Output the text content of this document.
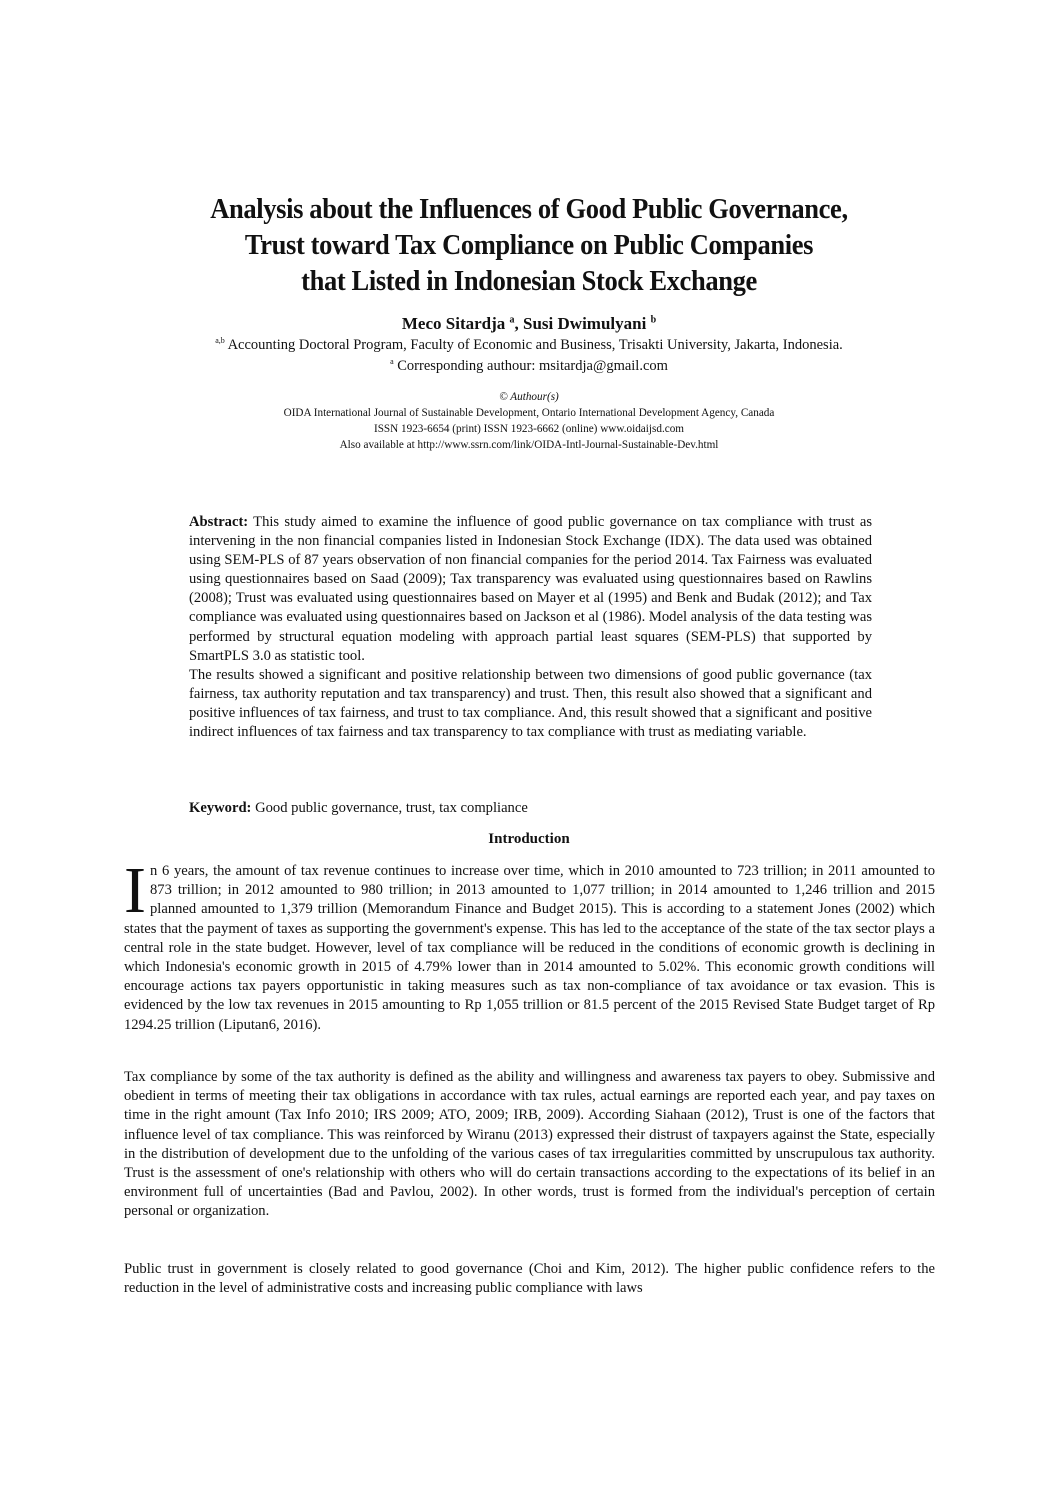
Analysis about the Influences of Good Public Governance,
Trust toward Tax Compliance on Public Companies
that Listed in Indonesian Stock Exchange
Meco Sitardja $^a$, Susi Dwimulyani $^b$
$^{a,b}$ Accounting Doctoral Program, Faculty of Economic and Business, Trisakti University, Jakarta, Indonesia.
$^a$ Corresponding authour: msitardja@gmail.com
© Authour(s)
OIDA International Journal of Sustainable Development, Ontario International Development Agency, Canada
ISSN 1923-6654 (print) ISSN 1923-6662 (online) www.oidaijsd.com
Also available at http://www.ssrn.com/link/OIDA-Intl-Journal-Sustainable-Dev.html

Abstract: This study aimed to examine the influence of good public governance on tax compliance with trust as intervening in the non financial companies listed in Indonesian Stock Exchange (IDX). The data used was obtained using SEM-PLS of 87 years observation of non financial companies for the period 2014. Tax Fairness was evaluated using questionnaires based on Saad (2009); Tax transparency was evaluated using questionnaires based on Rawlins (2008); Trust was evaluated using questionnaires based on Mayer et al (1995) and Benk and Budak (2012); and Tax compliance was evaluated using questionnaires based on Jackson et al (1986). Model analysis of the data testing was performed by structural equation modeling with approach partial least squares (SEM-PLS) that supported by SmartPLS 3.0 as statistic tool.

The results showed a significant and positive relationship between two dimensions of good public governance (tax fairness, tax authority reputation and tax transparency) and trust. Then, this result also showed that a significant and positive influences of tax fairness, and trust to tax compliance. And, this result showed that a significant and positive indirect influences of tax fairness and tax transparency to tax compliance with trust as mediating variable.

Keyword: Good public governance, trust, tax compliance
Introduction

In 6 years, the amount of tax revenue continues to increase over time, which in 2010 amounted to 723 trillion; in 2011 amounted to 873 trillion; in 2012 amounted to 980 trillion; in 2013 amounted to 1,077 trillion; in 2014 amounted to 1,246 trillion and 2015 planned amounted to 1,379 trillion (Memorandum Finance and Budget 2015). This is according to a statement Jones (2002) which states that the payment of taxes as supporting the government's expense. This has led to the acceptance of the state of the tax sector plays a central role in the state budget. However, level of tax compliance will be reduced in the conditions of economic growth is declining in which Indonesia's economic growth in 2015 of 4.79% lower than in 2014 amounted to 5.02%. This economic growth conditions will encourage actions tax payers opportunistic in taking measures such as tax non-compliance of tax avoidance or tax evasion. This is evidenced by the low tax revenues in 2015 amounting to Rp 1,055 trillion or 81.5 percent of the 2015 Revised State Budget target of Rp 1294.25 trillion (Liputan6, 2016).

Tax compliance by some of the tax authority is defined as the ability and willingness and awareness tax payers to obey. Submissive and obedient in terms of meeting their tax obligations in accordance with tax rules, actual earnings are reported each year, and pay taxes on time in the right amount (Tax Info 2010; IRS 2009; ATO, 2009; IRB, 2009). According Siahaan (2012), Trust is one of the factors that influence level of tax compliance. This was reinforced by Wiranu (2013) expressed their distrust of taxpayers against the State, especially in the distribution of development due to the unfolding of the various cases of tax irregularities committed by unscrupulous tax authority. Trust is the assessment of one's relationship with others who will do certain transactions according to the expectations of its belief in an environment full of uncertainties (Bad and Pavlou, 2002). In other words, trust is formed from the individual's perception of certain personal or organization.

Public trust in government is closely related to good governance (Choi and Kim, 2012). The higher public confidence refers to the reduction in the level of administrative costs and increasing public compliance with laws
